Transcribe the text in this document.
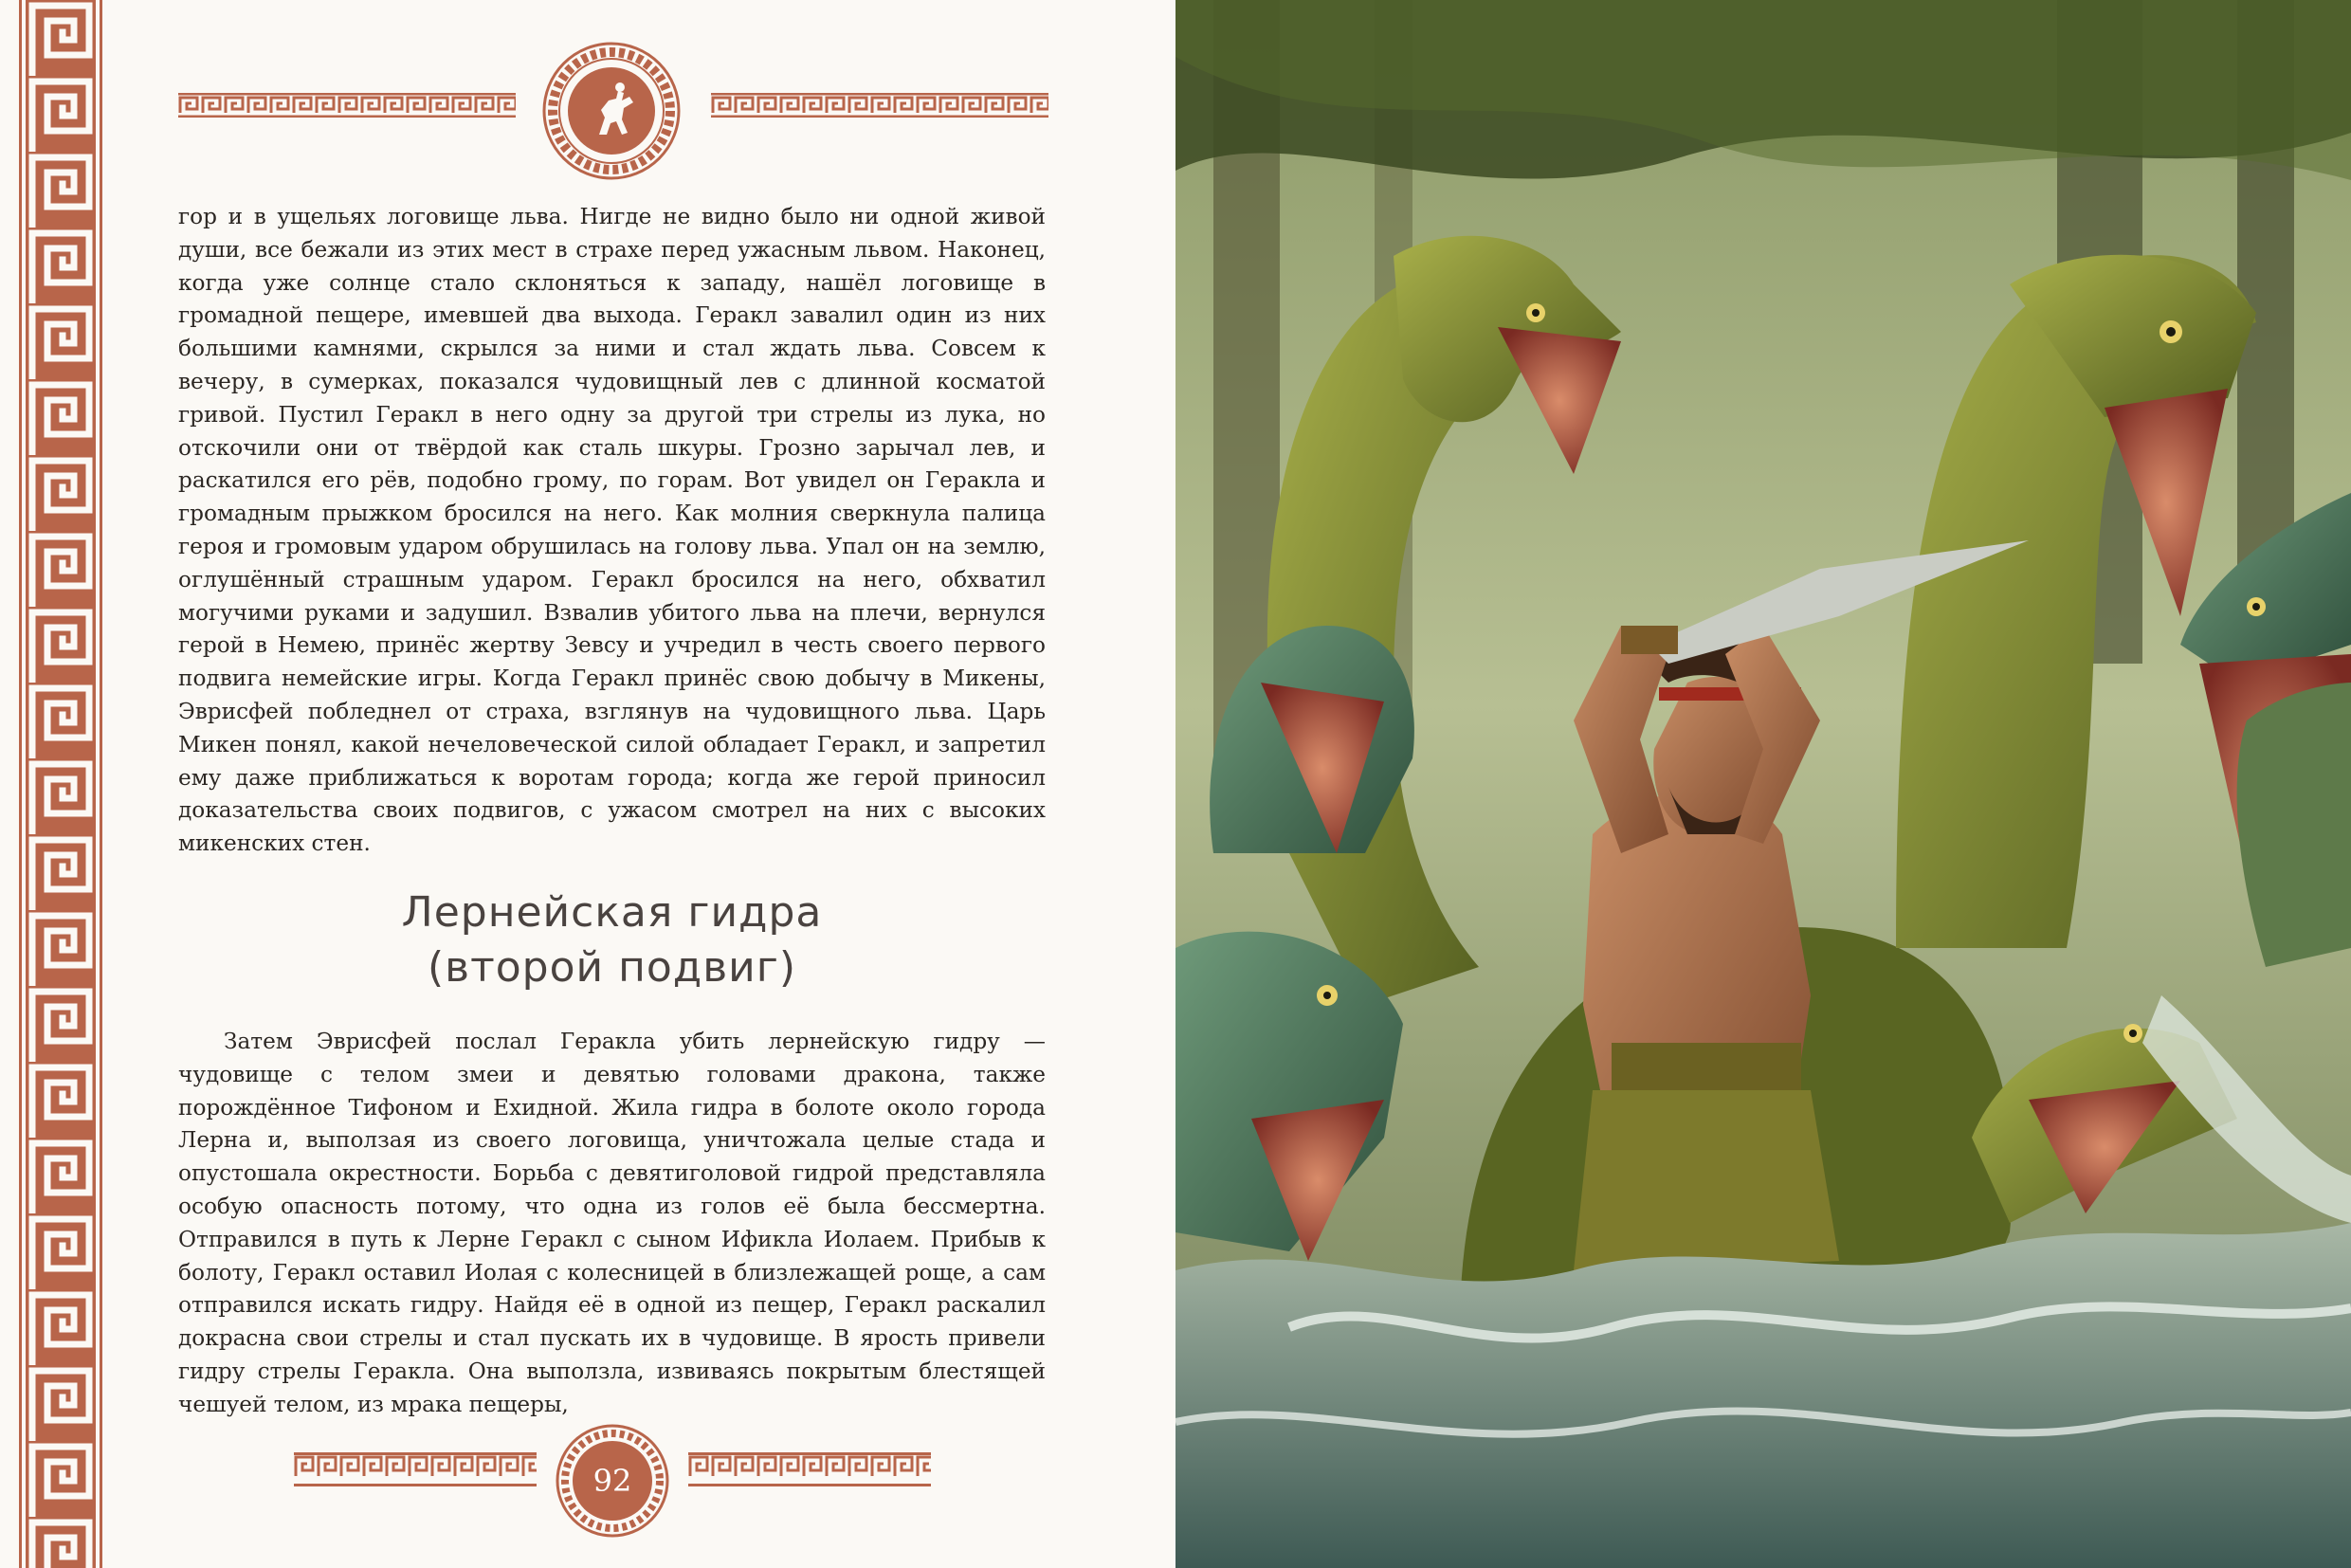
гор и в ущельях логовище льва. Нигде не видно было ни одной живой души, все бежали из этих мест в страхе перед ужасным львом. Наконец, когда уже солнце стало склоняться к западу, нашёл логовище в громадной пещере, имевшей два выхода. Геракл завалил один из них большими камнями, скрылся за ними и стал ждать льва. Совсем к вечеру, в сумерках, показался чудовищный лев с длинной косматой гривой. Пустил Геракл в него одну за другой три стрелы из лука, но отскочили они от твёрдой как сталь шкуры. Грозно зарычал лев, и раскатился его рёв, подобно грому, по горам. Вот увидел он Геракла и громадным прыжком бросился на него. Как молния сверкнула палица героя и громовым ударом обрушилась на голову льва. Упал он на землю, оглушённый страшным ударом. Геракл бросился на него, обхватил могучими руками и задушил. Взвалив убитого льва на плечи, вернулся герой в Немею, принёс жертву Зевсу и учредил в честь своего первого подвига немейские игры. Когда Геракл принёс свою добычу в Микены, Эврисфей побледнел от страха, взглянув на чудовищного льва. Царь Микен понял, какой нечеловеческой силой обладает Геракл, и запретил ему даже приближаться к воротам города; когда же герой приносил доказательства своих подвигов, с ужасом смотрел на них с высоких микенских стен.

Лернейская гидра
(второй подвиг)

Затем Эврисфей послал Геракла убить лернейскую гидру — чудовище с телом змеи и девятью головами дракона, также порождённое Тифоном и Ехидной. Жила гидра в болоте около города Лерна и, выползая из своего логовища, уничтожала целые стада и опустошала окрестности. Борьба с девятиголовой гидрой представляла особую опасность потому, что одна из голов её была бессмертна. Отправился в путь к Лерне Геракл с сыном Ификла Иолаем. Прибыв к болоту, Геракл оставил Иолая с колесницей в близлежащей роще, а сам отправился искать гидру. Найдя её в одной из пещер, Геракл раскалил докрасна свои стрелы и стал пускать их в чудовище. В ярость привели гидру стрелы Геракла. Она выползла, извиваясь покрытым блестящей чешуей телом, из мрака пещеры,

92
